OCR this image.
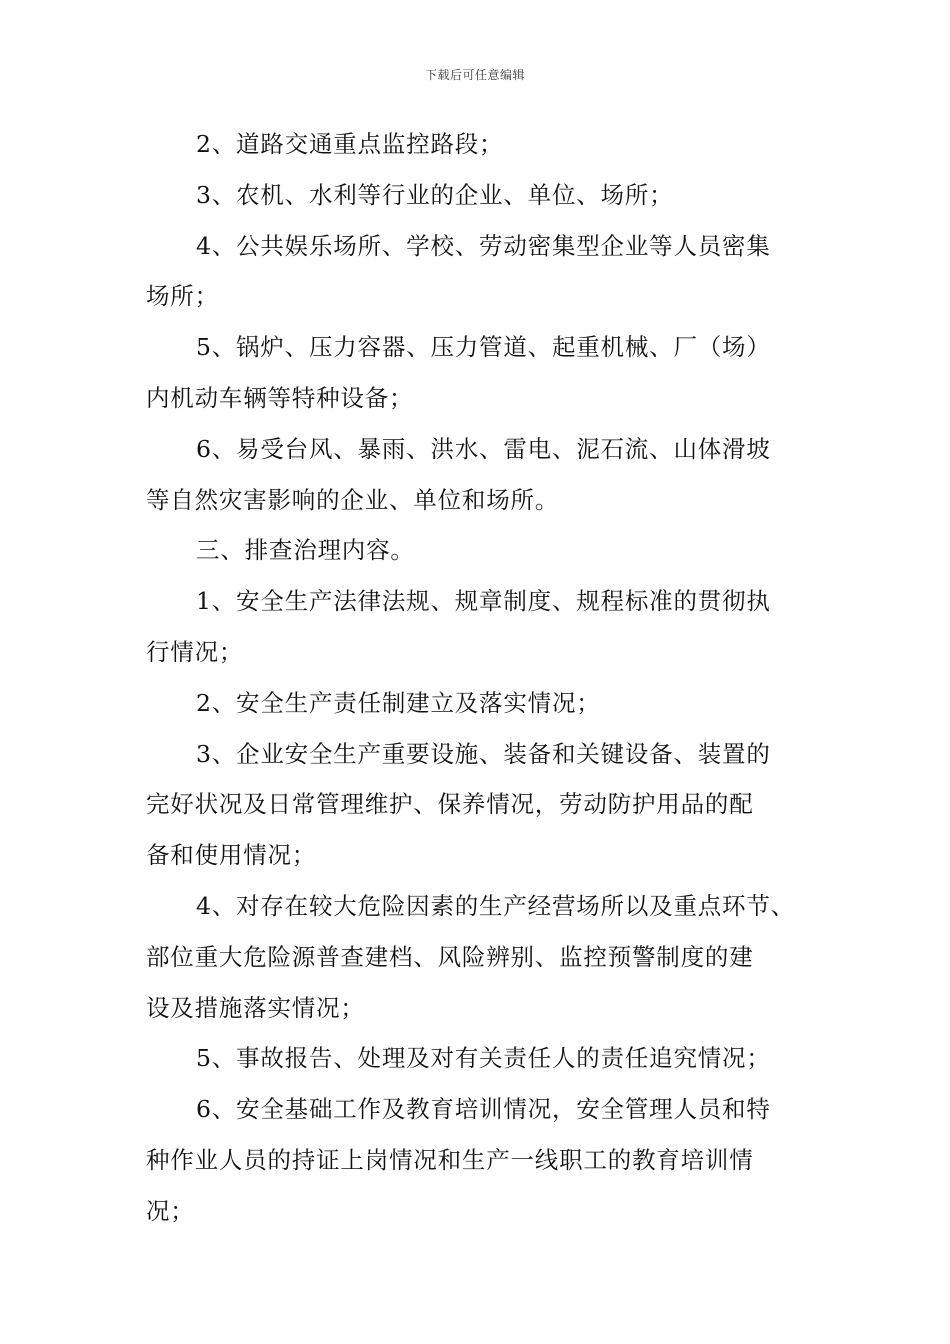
下载后可任意编辑
2、道路交通重点监控路段；
3、农机、水利等行业的企业、单位、场所；
4、公共娱乐场所、学校、劳动密集型企业等人员密集
场所；
5、锅炉、压力容器、压力管道、起重机械、厂（场）
内机动车辆等特种设备；
6、易受台风、暴雨、洪水、雷电、泥石流、山体滑坡
等自然灾害影响的企业、单位和场所。
三、排查治理内容。
1、安全生产法律法规、规章制度、规程标准的贯彻执
行情况；
2、安全生产责任制建立及落实情况；
3、企业安全生产重要设施、装备和关键设备、装置的
完好状况及日常管理维护、保养情况，劳动防护用品的配
备和使用情况；
4、对存在较大危险因素的生产经营场所以及重点环节、
部位重大危险源普查建档、风险辨别、监控预警制度的建
设及措施落实情况；
5、事故报告、处理及对有关责任人的责任追究情况；
6、安全基础工作及教育培训情况，安全管理人员和特
种作业人员的持证上岗情况和生产一线职工的教育培训情
况；
